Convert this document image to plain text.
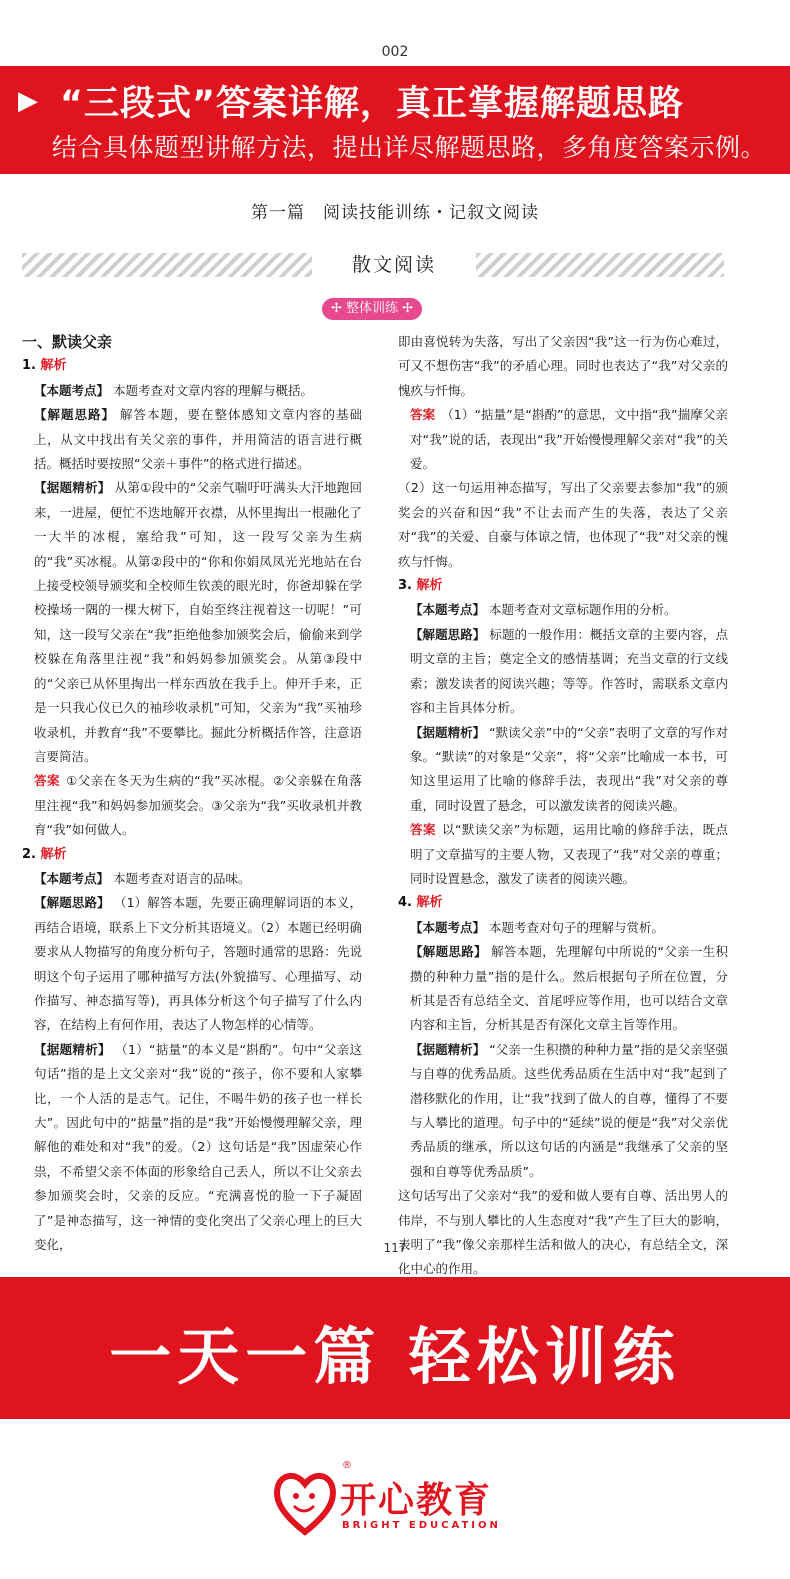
002
▶ “三段式”答案详解，真正掌握解题思路
结合具体题型讲解方法，提出详尽解题思路，多角度答案示例。
第一篇　阅读技能训练・记叙文阅读
散文阅读
✢ 整体训练 ✢

一、默读父亲

1. 解析

【本题考点】 本题考查对文章内容的理解与概括。

【解题思路】 解答本题，要在整体感知文章内容的基础上，从文中找出有关父亲的事件，并用简洁的语言进行概括。概括时要按照“父亲＋事件”的格式进行描述。

【据题精析】 从第①段中的“父亲气喘吁吁满头大汗地跑回来，一进屋，便忙不迭地解开衣襟，从怀里掏出一根融化了一大半的冰棍，塞给我”可知，这一段写父亲为生病的“我”买冰棍。从第②段中的“你和你娟凤凤光光地站在台上接受校领导颁奖和全校师生钦羡的眼光时，你爸却躲在学校操场一隅的一棵大树下，自始至终注视着这一切呢！”可知，这一段写父亲在“我”拒绝他参加颁奖会后，偷偷来到学校躲在角落里注视“我”和妈妈参加颁奖会。从第③段中的“父亲已从怀里掏出一样东西放在我手上。伸开手来，正是一只我心仪已久的袖珍收录机”可知，父亲为“我”买袖珍收录机，并教育“我”不要攀比。掘此分析概括作答，注意语言要简洁。

答案 ①父亲在冬天为生病的“我”买冰棍。②父亲躲在角落里注视“我”和妈妈参加颁奖会。③父亲为“我”买收录机并教育“我”如何做人。

2. 解析

【本题考点】 本题考查对语言的品味。

【解题思路】 （1）解答本题，先要正确理解词语的本义，再结合语境，联系上下文分析其语境义。（2）本题已经明确要求从人物描写的角度分析句子，答题时通常的思路：先说明这个句子运用了哪种描写方法(外貌描写、心理描写、动作描写、神态描写等)，再具体分析这个句子描写了什么内容，在结构上有何作用，表达了人物怎样的心情等。

【据题精析】 （1）“掂量”的本义是“斟酌”。句中“父亲这句话”指的是上文父亲对“我”说的“孩子，你不要和人家攀比，一个人活的是志气。记住，不喝牛奶的孩子也一样长大”。因此句中的“掂量”指的是“我”开始慢慢理解父亲，理解他的难处和对“我”的爱。（2）这句话是“我”因虚荣心作祟，不希望父亲不体面的形象给自己丢人，所以不让父亲去参加颁奖会时，父亲的反应。“充满喜悦的脸一下子凝固了”是神态描写，这一神情的变化突出了父亲心理上的巨大变化，

即由喜悦转为失落，写出了父亲因“我”这一行为伤心难过，可又不想伤害“我”的矛盾心理。同时也表达了“我”对父亲的愧疚与忏悔。

答案 （1）“掂量”是“斟酌”的意思，文中指“我”揣摩父亲对“我”说的话，表现出“我”开始慢慢理解父亲对“我”的关爱。

（2）这一句运用神态描写，写出了父亲要去参加“我”的颁奖会的兴奋和因“我”不让去而产生的失落，表达了父亲对“我”的关爱、自豪与体谅之情，也体现了“我”对父亲的愧疚与忏悔。

3. 解析

【本题考点】 本题考查对文章标题作用的分析。

【解题思路】 标题的一般作用：概括文章的主要内容，点明文章的主旨；奠定全文的感情基调；充当文章的行文线索；激发读者的阅读兴趣；等等。作答时，需联系文章内容和主旨具体分析。

【据题精析】 “默读父亲”中的“父亲”表明了文章的写作对象。“默读”的对象是“父亲”，将“父亲”比喻成一本书，可知这里运用了比喻的修辞手法，表现出“我”对父亲的尊重，同时设置了悬念，可以激发读者的阅读兴趣。

答案 以“默读父亲”为标题，运用比喻的修辞手法，既点明了文章描写的主要人物，又表现了“我”对父亲的尊重；同时设置悬念，激发了读者的阅读兴趣。

4. 解析

【本题考点】 本题考查对句子的理解与赏析。

【解题思路】 解答本题，先理解句中所说的“父亲一生积攒的种种力量”指的是什么。然后根据句子所在位置，分析其是否有总结全文、首尾呼应等作用，也可以结合文章内容和主旨，分析其是否有深化文章主旨等作用。

【据题精析】 “父亲一生积攒的种种力量”指的是父亲坚强与自尊的优秀品质。这些优秀品质在生活中对“我”起到了潜移默化的作用，让“我”找到了做人的自尊，懂得了不要与人攀比的道理。句子中的“延续”说的便是“我”对父亲优秀品质的继承，所以这句话的内涵是“我继承了父亲的坚强和自尊等优秀品质”。

这句话写出了父亲对“我”的爱和做人要有自尊、活出男人的伟岸，不与别人攀比的人生态度对“我”产生了巨大的影响，表明了“我”像父亲那样生活和做人的决心，有总结全文，深化中心的作用。

117
一天一篇 轻松训练
®
开心教育
BRIGHT EDUCATION
